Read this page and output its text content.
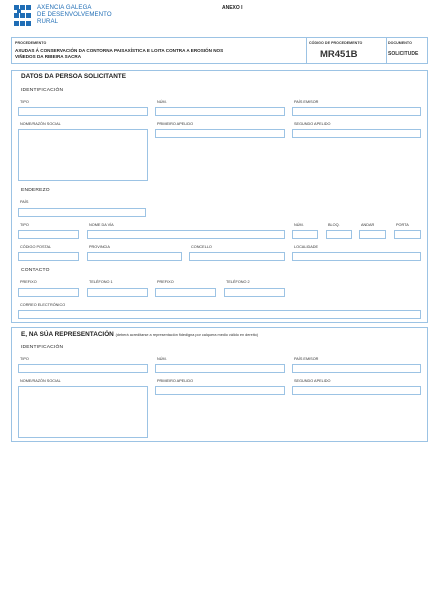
AXENCIA GALEGA
DE DESENVOLVEMENTO
RURAL
ANEXO I
PROCEDEMENTO
AXUDAS Á CONSERVACIÓN DA CONTORNA PAISAXÍSTICA E LOITA CONTRA A EROSIÓN NOS
VIÑEDOS DA RIBEIRA SACRA
CÓDIGO DE PROCEDEMENTO
MR451B
DOCUMENTO
SOLICITUDE
DATOS DA PERSOA SOLICITANTE
IDENTIFICACIÓN
TIPO	NÚM.	PAÍS EMISOR
NOME/RAZÓN SOCIAL	PRIMEIRO APELIDO	SEGUNDO APELIDO
ENDEREZO
PAÍS
TIPO	NOME DA VÍA	NÚM.	BLOQ.	ANDAR	PORTA
CÓDIGO POSTAL	PROVINCIA	CONCELLO	LOCALIDADE
CONTACTO
PREFIXO	TELÉFONO 1	PREFIXO	TELÉFONO 2
CORREO ELECTRÓNICO
E, NA SÚA REPRESENTACIÓN (deberá acreditarse a representación fidedigna por calquera medio válido en dereito)
IDENTIFICACIÓN
TIPO	NÚM.	PAÍS EMISOR
NOME/RAZÓN SOCIAL	PRIMEIRO APELIDO	SEGUNDO APELIDO
